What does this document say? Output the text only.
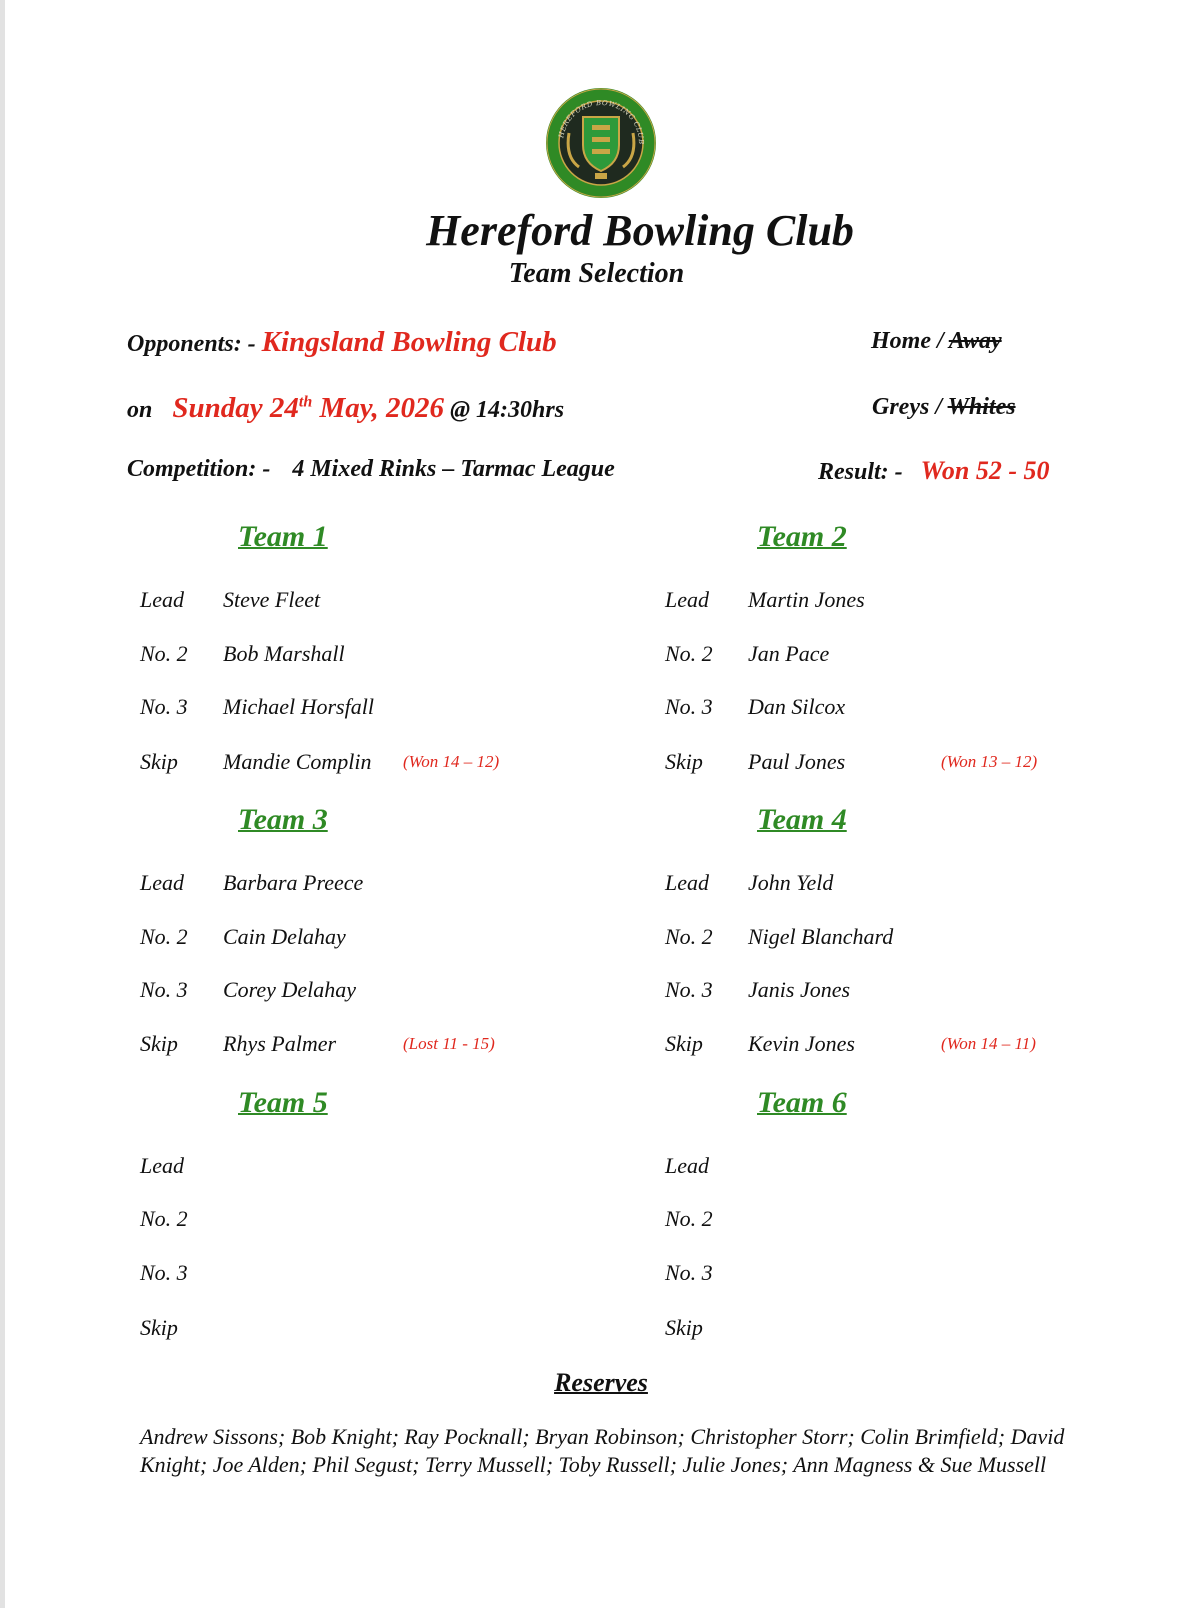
HEREFORD BOWLING CLUB
Hereford Bowling Club
Team Selection
Opponents: - Kingsland Bowling Club	Home / Away
on Sunday 24th May, 2026 @ 14:30hrs	Greys / Whites
Competition: - 4 Mixed Rinks – Tarmac League	Result: - Won 52 - 50
Team 1
Lead Steve Fleet
No. 2 Bob Marshall
No. 3 Michael Horsfall
Skip Mandie Complin (Won 14 – 12)
Team 2
Lead Martin Jones
No. 2 Jan Pace
No. 3 Dan Silcox
Skip Paul Jones	(Won 13 – 12)
Team 3
Lead Barbara Preece
No. 2 Cain Delahay
No. 3 Corey Delahay
Skip Rhys Palmer	(Lost 11 - 15)
Team 4
Lead John Yeld
No. 2 Nigel Blanchard
No. 3 Janis Jones
Skip Kevin Jones	(Won 14 – 11)
Team 5
Lead
No. 2
No. 3
Skip
Team 6
Lead
No. 2
No. 3
Skip
Reserves
Andrew Sissons; Bob Knight; Ray Pocknall; Bryan Robinson; Christopher Storr; Colin Brimfield; David Knight; Joe Alden; Phil Segust; Terry Mussell; Toby Russell; Julie Jones; Ann Magness & Sue Mussell
